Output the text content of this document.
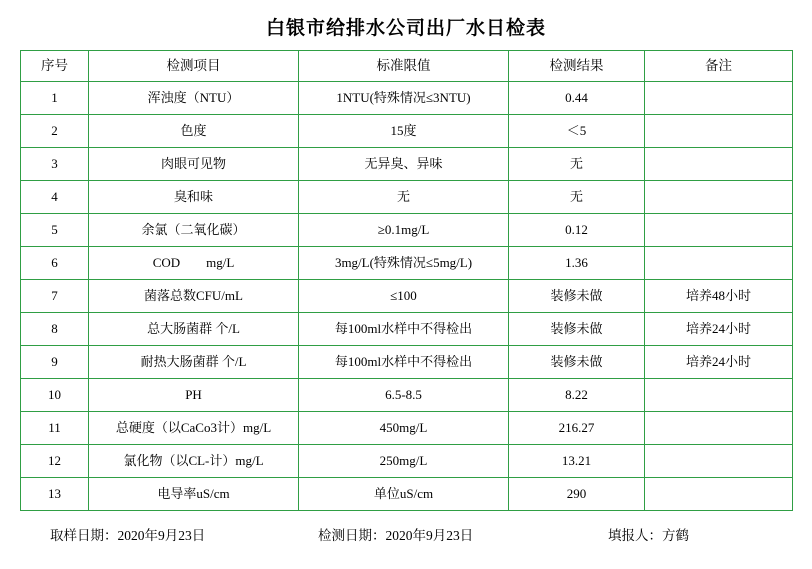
白银市给排水公司出厂水日检表
序号	检测项目	标准限值	检测结果	备注
1	浑浊度（NTU）	1NTU(特殊情况≤3NTU)	0.44	
2	色度	15度	＜5	
3	肉眼可见物	无异臭、异味	无	
4	臭和味	无	无	
5	余氯（二氧化碳）	≥0.1mg/L	0.12	
6	COD        mg/L	3mg/L(特殊情况≤5mg/L)	1.36	
7	菌落总数CFU/mL	≤100	装修未做	培养48小时
8	总大肠菌群 个/L	每100ml水样中不得检出	装修未做	培养24小时
9	耐热大肠菌群 个/L	每100ml水样中不得检出	装修未做	培养24小时
10	PH	6.5-8.5	8.22	
11	总硬度（以CaCo3计）mg/L	450mg/L	216.27	
12	氯化物（以CL-计）mg/L	250mg/L	13.21	
13	电导率uS/cm	单位uS/cm	290	
取样日期：2020年9月23日	检测日期：2020年9月23日	填报人：方鹤
